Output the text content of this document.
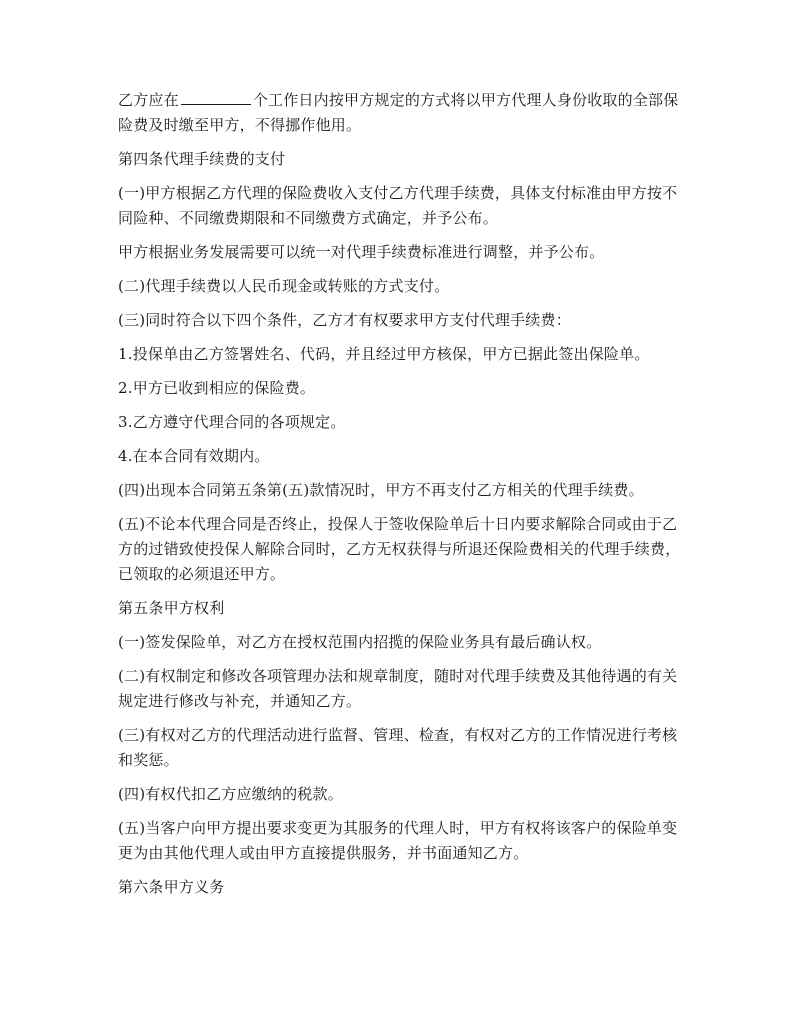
乙方应在	个工作日内按甲方规定的方式将以甲方代理人身份收取的全部保险费及时缴至甲方，不得挪作他用。

第四条代理手续费的支付

(一)甲方根据乙方代理的保险费收入支付乙方代理手续费，具体支付标准由甲方按不同险种、不同缴费期限和不同缴费方式确定，并予公布。

甲方根据业务发展需要可以统一对代理手续费标准进行调整，并予公布。

(二)代理手续费以人民币现金或转账的方式支付。

(三)同时符合以下四个条件，乙方才有权要求甲方支付代理手续费：

1.投保单由乙方签署姓名、代码，并且经过甲方核保，甲方已据此签出保险单。

2.甲方已收到相应的保险费。

3.乙方遵守代理合同的各项规定。

4.在本合同有效期内。

(四)出现本合同第五条第(五)款情况时，甲方不再支付乙方相关的代理手续费。

(五)不论本代理合同是否终止，投保人于签收保险单后十日内要求解除合同或由于乙方的过错致使投保人解除合同时，乙方无权获得与所退还保险费相关的代理手续费，已领取的必须退还甲方。

第五条甲方权利

(一)签发保险单，对乙方在授权范围内招揽的保险业务具有最后确认权。

(二)有权制定和修改各项管理办法和规章制度，随时对代理手续费及其他待遇的有关规定进行修改与补充，并通知乙方。

(三)有权对乙方的代理活动进行监督、管理、检查，有权对乙方的工作情况进行考核和奖惩。

(四)有权代扣乙方应缴纳的税款。

(五)当客户向甲方提出要求变更为其服务的代理人时，甲方有权将该客户的保险单变更为由其他代理人或由甲方直接提供服务，并书面通知乙方。

第六条甲方义务
